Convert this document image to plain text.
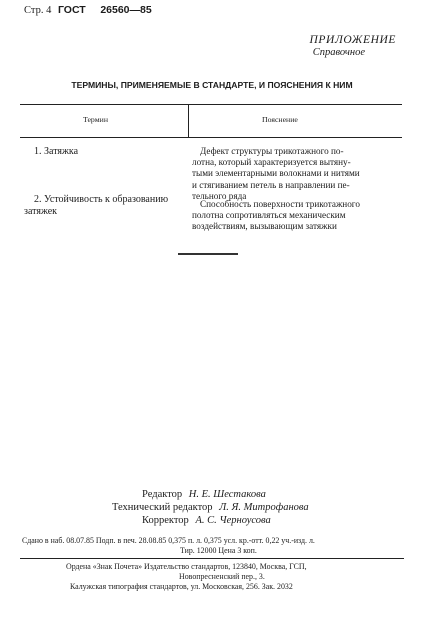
Стр. 4 ГОСТ 26560—85
ПРИЛОЖЕНИЕ
Справочное
ТЕРМИНЫ, ПРИМЕНЯЕМЫЕ В СТАНДАРТЕ, И ПОЯСНЕНИЯ К НИМ
Термин	Пояснение
1. Затяжка	Дефект структуры трикотажного по-

лотна, который характеризуется вытяну-

тыми элементарными волокнами и нитями

и стягиванием петель в направлении пе-

тельного ряда

2. Устойчивость к образованию
затяжек

Способность поверхности трикотажного

полотна сопротивляться механическим

воздействиям, вызывающим затяжки

Редактор Н. Е. Шестакова
Технический редактор Л. Я. Митрофанова
Корректор А. С. Черноусова
Сдано в наб. 08.07.85 Подп. в печ. 28.08.85 0,375 п. л. 0,375 усл. кр.-отт. 0,22 уч.-изд. л.
Тир. 12000 Цена 3 коп.
Ордена «Знак Почета» Издательство стандартов, 123840, Москва, ГСП,
Новопресненский пер., 3.
Калужская типография стандартов, ул. Московская, 256. Зак. 2032
